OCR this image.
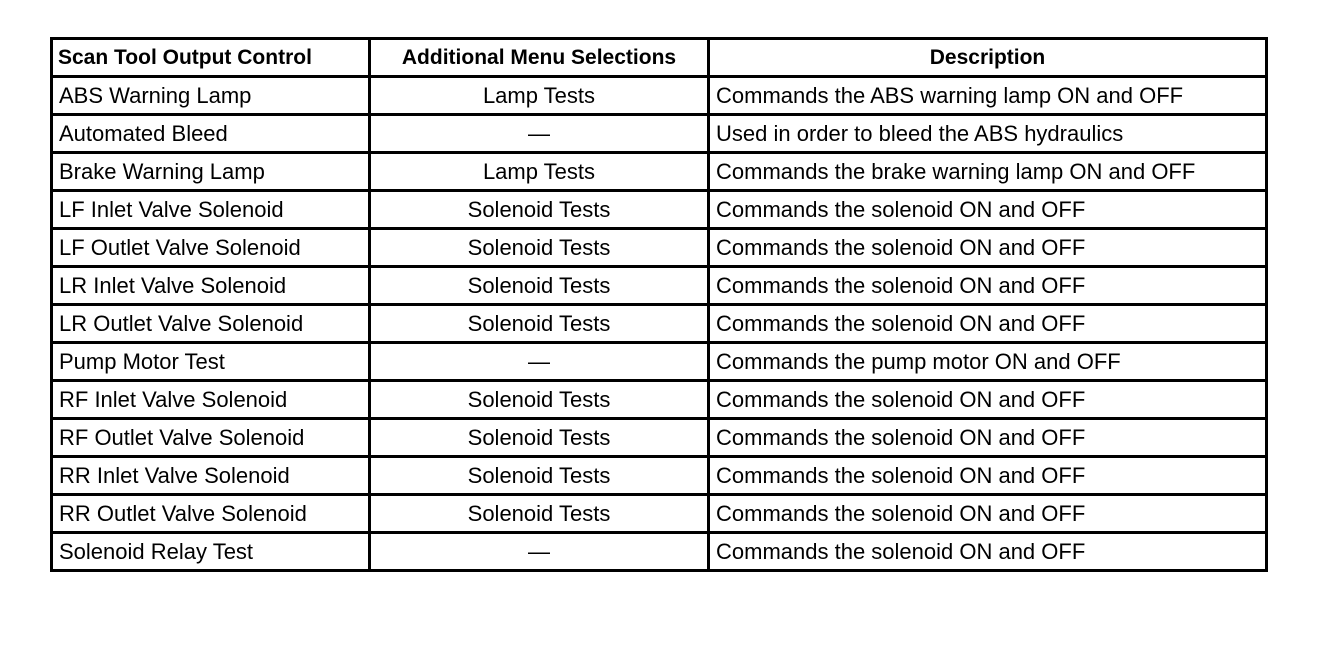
Scan Tool Output Control	Additional Menu Selections	Description
ABS Warning Lamp	Lamp Tests	Commands the ABS warning lamp ON and OFF
Automated Bleed	—	Used in order to bleed the ABS hydraulics
Brake Warning Lamp	Lamp Tests	Commands the brake warning lamp ON and OFF
LF Inlet Valve Solenoid	Solenoid Tests	Commands the solenoid ON and OFF
LF Outlet Valve Solenoid	Solenoid Tests	Commands the solenoid ON and OFF
LR Inlet Valve Solenoid	Solenoid Tests	Commands the solenoid ON and OFF
LR Outlet Valve Solenoid	Solenoid Tests	Commands the solenoid ON and OFF
Pump Motor Test	—	Commands the pump motor ON and OFF
RF Inlet Valve Solenoid	Solenoid Tests	Commands the solenoid ON and OFF
RF Outlet Valve Solenoid	Solenoid Tests	Commands the solenoid ON and OFF
RR Inlet Valve Solenoid	Solenoid Tests	Commands the solenoid ON and OFF
RR Outlet Valve Solenoid	Solenoid Tests	Commands the solenoid ON and OFF
Solenoid Relay Test	—	Commands the solenoid ON and OFF
